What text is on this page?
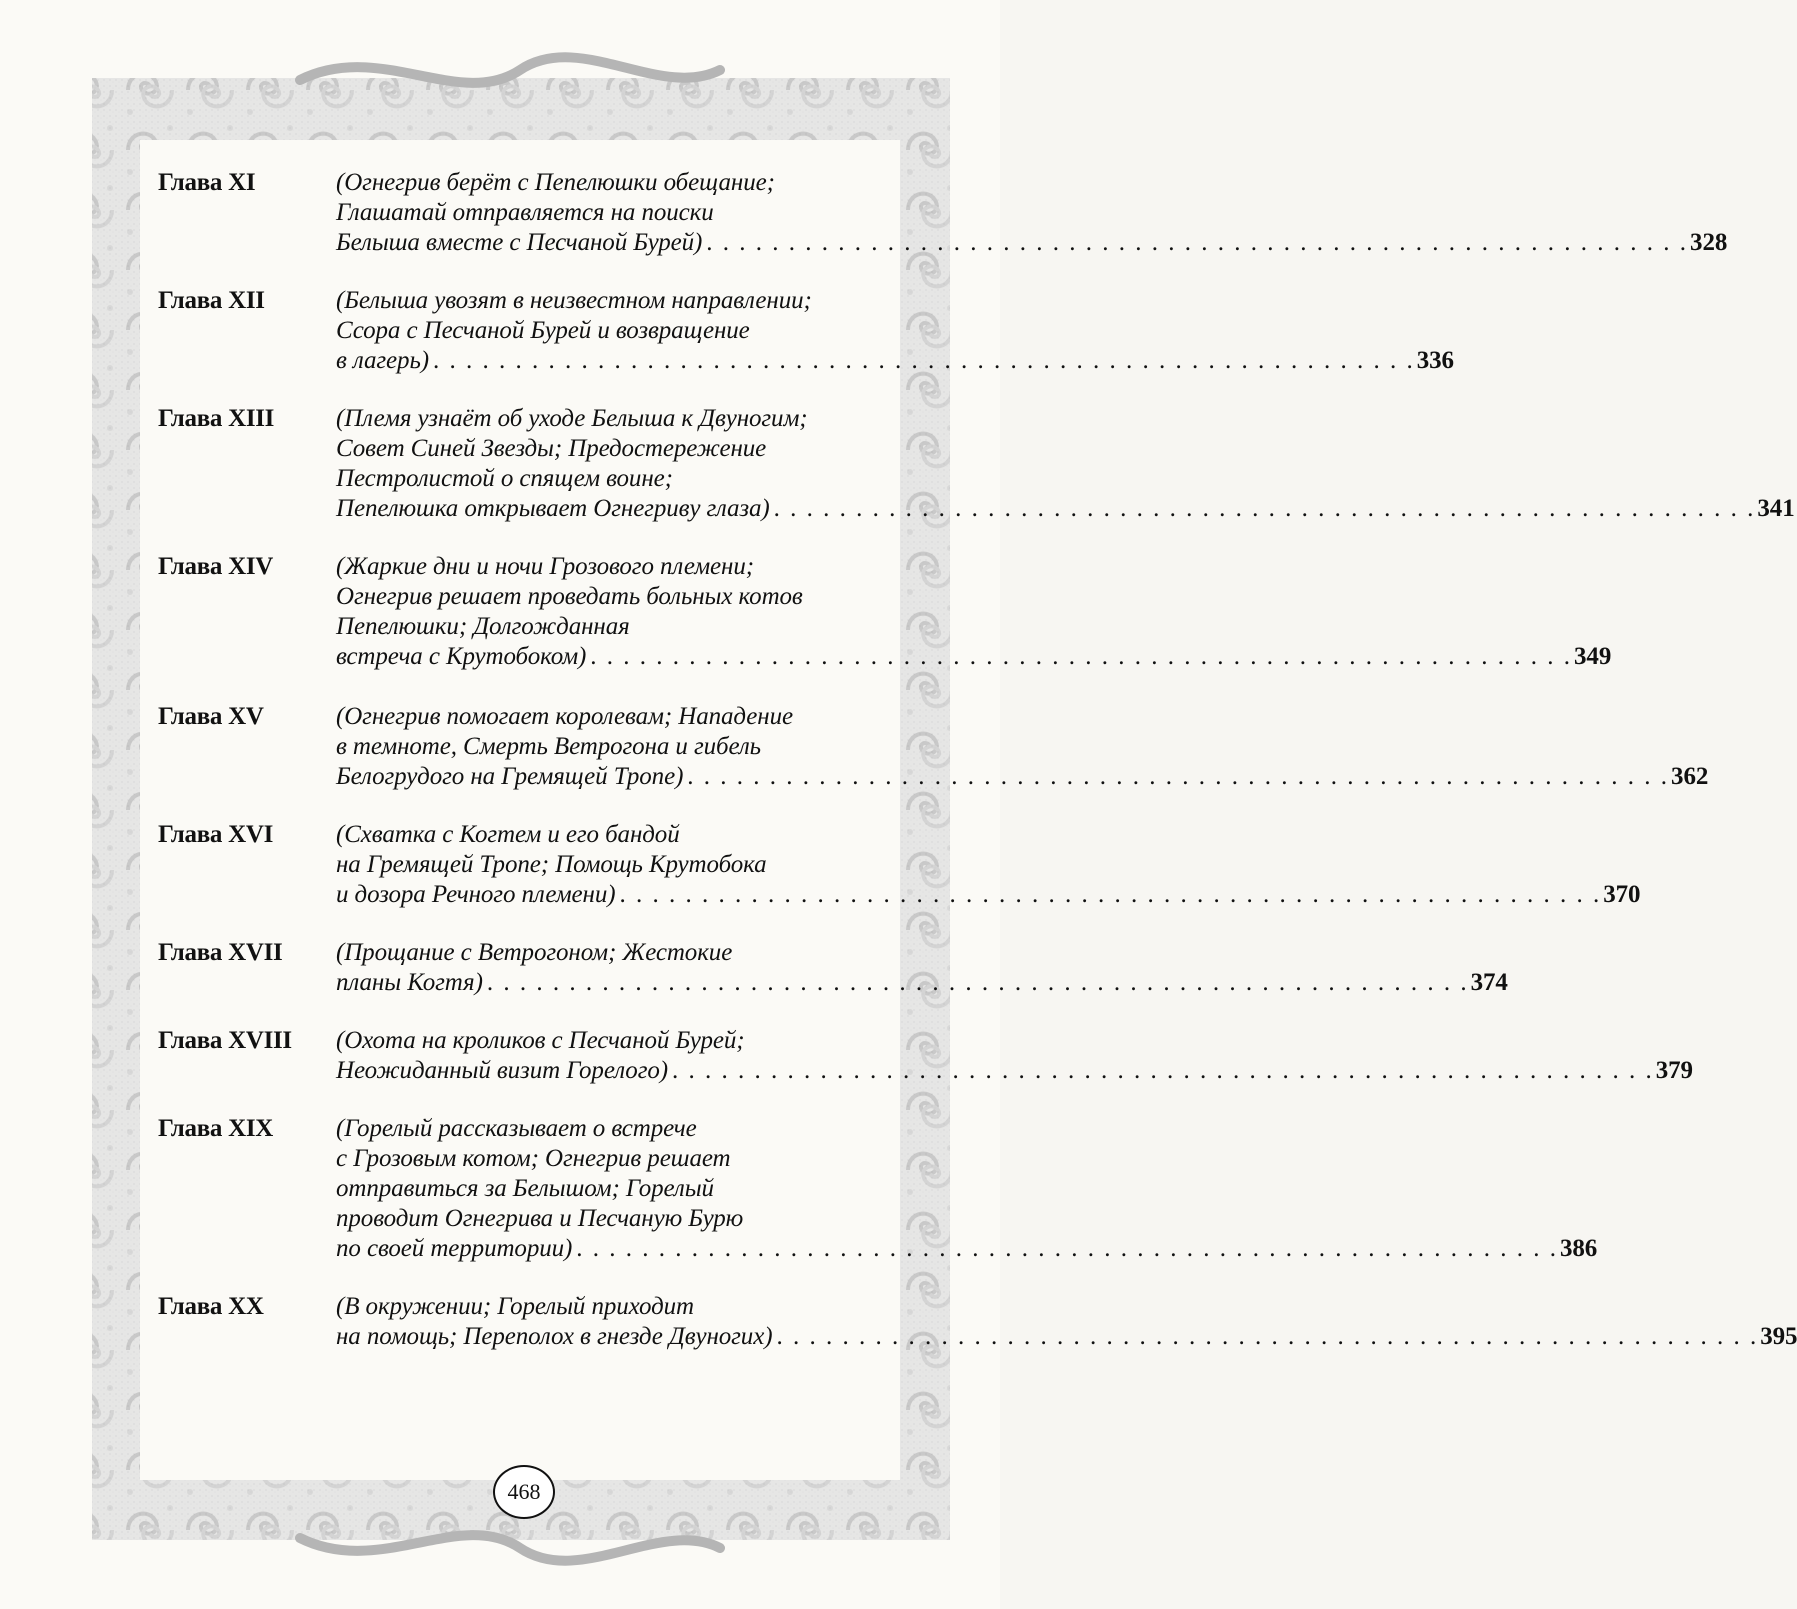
Глава XI	(Огнегрив берёт с Пепелюшки обещание;
Глашатай отправляется на поиски
Белыша вместе с Песчаной Бурей) . . .	328
Глава XII	(Белыша увозят в неизвестном направлении;
Ссора с Песчаной Бурей и возвращение
в лагерь) . . .	336
Глава XIII	(Племя узнаёт об уходе Белыша к Двуногим;
Совет Синей Звезды; Предостережение
Пестролистой о спящем воине;
Пепелюшка открывает Огнегриву глаза) . . .	341
Глава XIV	(Жаркие дни и ночи Грозового племени;
Огнегрив решает проведать больных котов
Пепелюшки; Долгожданная
встреча с Крутобоком) . . .	349
Глава XV	(Огнегрив помогает королевам; Нападение
в темноте, Смерть Ветрогона и гибель
Белогрудого на Гремящей Тропе) . . .	362
Глава XVI	(Схватка с Когтем и его бандой
на Гремящей Тропе; Помощь Крутобока
и дозора Речного племени) . . .	370
Глава XVII	(Прощание с Ветрогоном; Жестокие
планы Когтя) . . .	374
Глава XVIII	(Охота на кроликов с Песчаной Бурей;
Неожиданный визит Горелого) . . .	379
Глава XIX	(Горелый рассказывает о встрече
с Грозовым котом; Огнегрив решает
отправиться за Белышом; Горелый
проводит Огнегрива и Песчаную Бурю
по своей территории) . . .	386
Глава XX	(В окружении; Горелый приходит
на помощь; Переполох в гнезде Двуногих) . . .	395
468
